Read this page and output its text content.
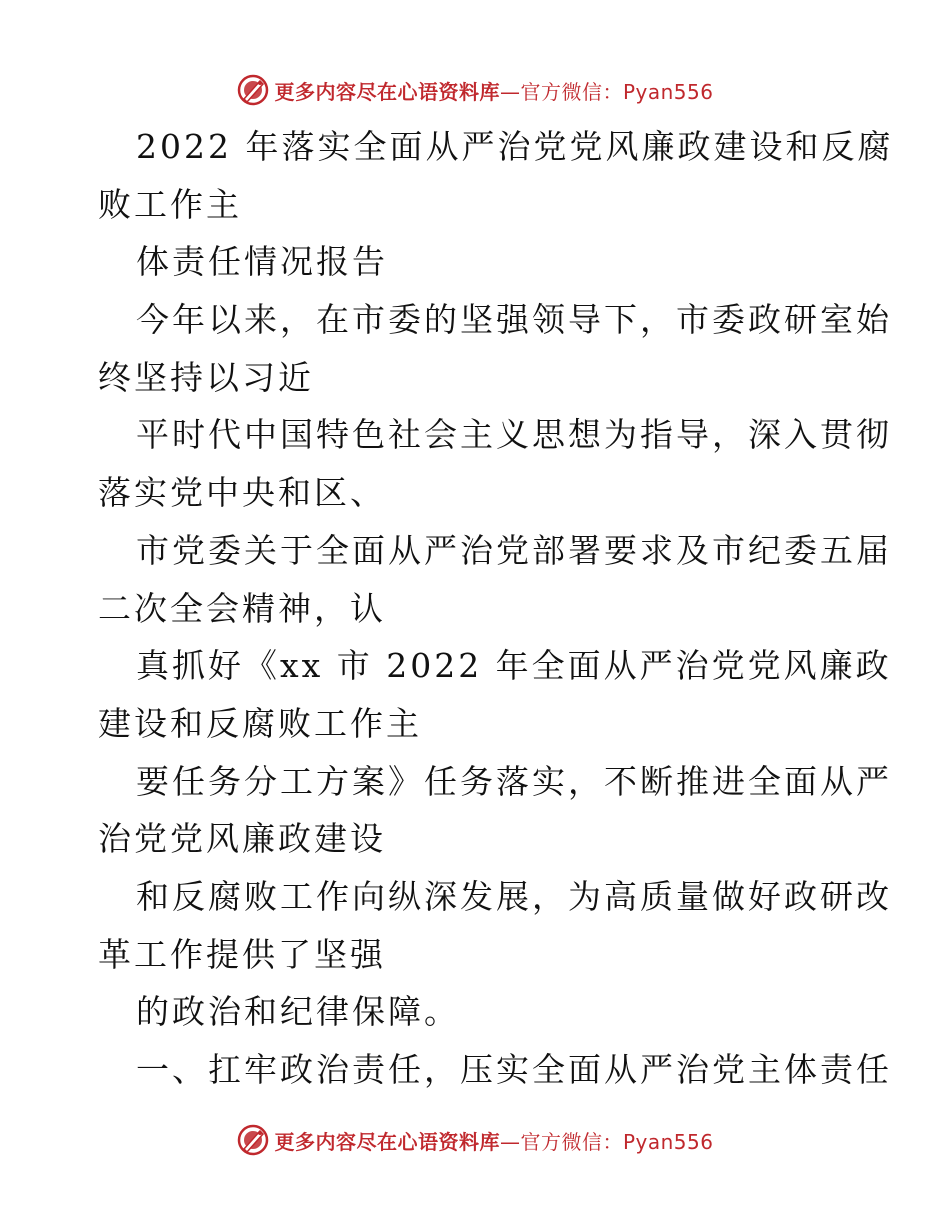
更多内容尽在心语资料库—官方微信：Pyan556

2022 年落实全面从严治党党风廉政建设和反腐

败工作主

体责任情况报告

今年以来，在市委的坚强领导下，市委政研室始

终坚持以习近

平时代中国特色社会主义思想为指导，深入贯彻

落实党中央和区、

市党委关于全面从严治党部署要求及市纪委五届

二次全会精神，认

真抓好《xx 市 2022 年全面从严治党党风廉政

建设和反腐败工作主

要任务分工方案》任务落实，不断推进全面从严

治党党风廉政建设

和反腐败工作向纵深发展，为高质量做好政研改

革工作提供了坚强

的政治和纪律保障。

一、扛牢政治责任，压实全面从严治党主体责任

更多内容尽在心语资料库—官方微信：Pyan556
